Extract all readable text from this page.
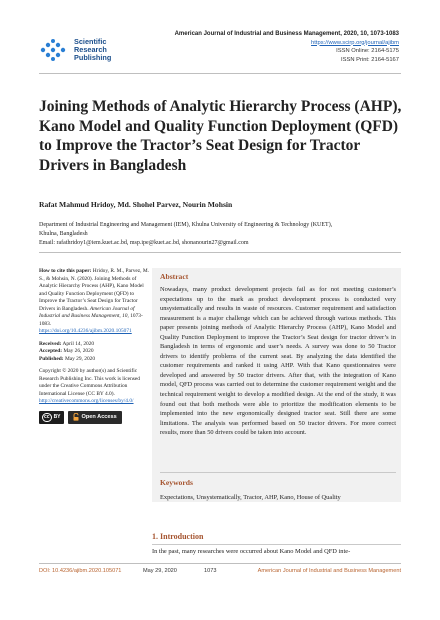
Scientific
Research
Publishing
American Journal of Industrial and Business Management, 2020, 10, 1073-1083
https://www.scirp.org/journal/ajibm
ISSN Online: 2164-5175
ISSN Print: 2164-5167
Joining Methods of Analytic Hierarchy Process (AHP), Kano Model and Quality Function Deployment (QFD) to Improve the Tractor’s Seat Design for Tractor Drivers in Bangladesh
Rafat Mahmud Hridoy, Md. Shohel Parvez, Nourin Mohsin
Department of Industrial Engineering and Management (IEM), Khulna University of Engineering & Technology (KUET),
Khulna, Bangladesh
Email: rafathridoy1@iem.kuet.ac.bd, msp.ipe@kuet.ac.bd, shonanourin27@gmail.com

How to cite this paper: Hridoy, R. M., Parvez, M. S., & Mohsin, N. (2020). Joining Methods of Analytic Hierarchy Process (AHP), Kano Model and Quality Function Deployment (QFD) to Improve the Tractor’s Seat Design for Tractor Drivers in Bangladesh. American Journal of Industrial and Business Management, 10, 1073-1083.
https://doi.org/10.4236/ajibm.2020.105071

Received: April 14, 2020
Accepted: May 26, 2020
Published: May 29, 2020

Copyright © 2020 by author(s) and Scientific Research Publishing Inc. This work is licensed under the Creative Commons Attribution International License (CC BY 4.0).
http://creativecommons.org/licenses/by/4.0/

cc BY	Open Access
Abstract
Nowadays, many product development projects fail as for not meeting customer’s expectations up to the mark as product development process is conducted very unsystematically and results in waste of resources. Customer requirement and satisfaction measurement is a major challenge which can be achieved through various methods. This paper presents joining methods of Analytic Hierarchy Process (AHP), Kano Model and Quality Function Deployment to improve the Tractor’s Seat design for tractor driver’s in Bangladesh in terms of ergonomic and user’s needs. A survey was done to 50 Tractor drivers to identify problems of the current seat. By analyzing the data identified the customer requirements and ranked it using AHP. With that Kano questionnaires were developed and answered by 50 tractor drivers. After that, with the integration of Kano model, QFD process was carried out to determine the customer requirement weight and the technical requirement weight to develop a modified design. At the end of the study, it was found out that both methods were able to prioritize the modification elements to be implemented into the new ergonomically designed tractor seat. Still there are some limitations. The analysis was performed based on 50 tractor drivers. For more correct results, more than 50 drivers could be taken into account.
Keywords
Expectations, Unsystematically, Tractor, AHP, Kano, House of Quality
1. Introduction
In the past, many researches were occurred about Kano Model and QFD inte-
DOI: 10.4236/ajibm.2020.105071	May 29, 2020	1073	American Journal of Industrial and Business Management
